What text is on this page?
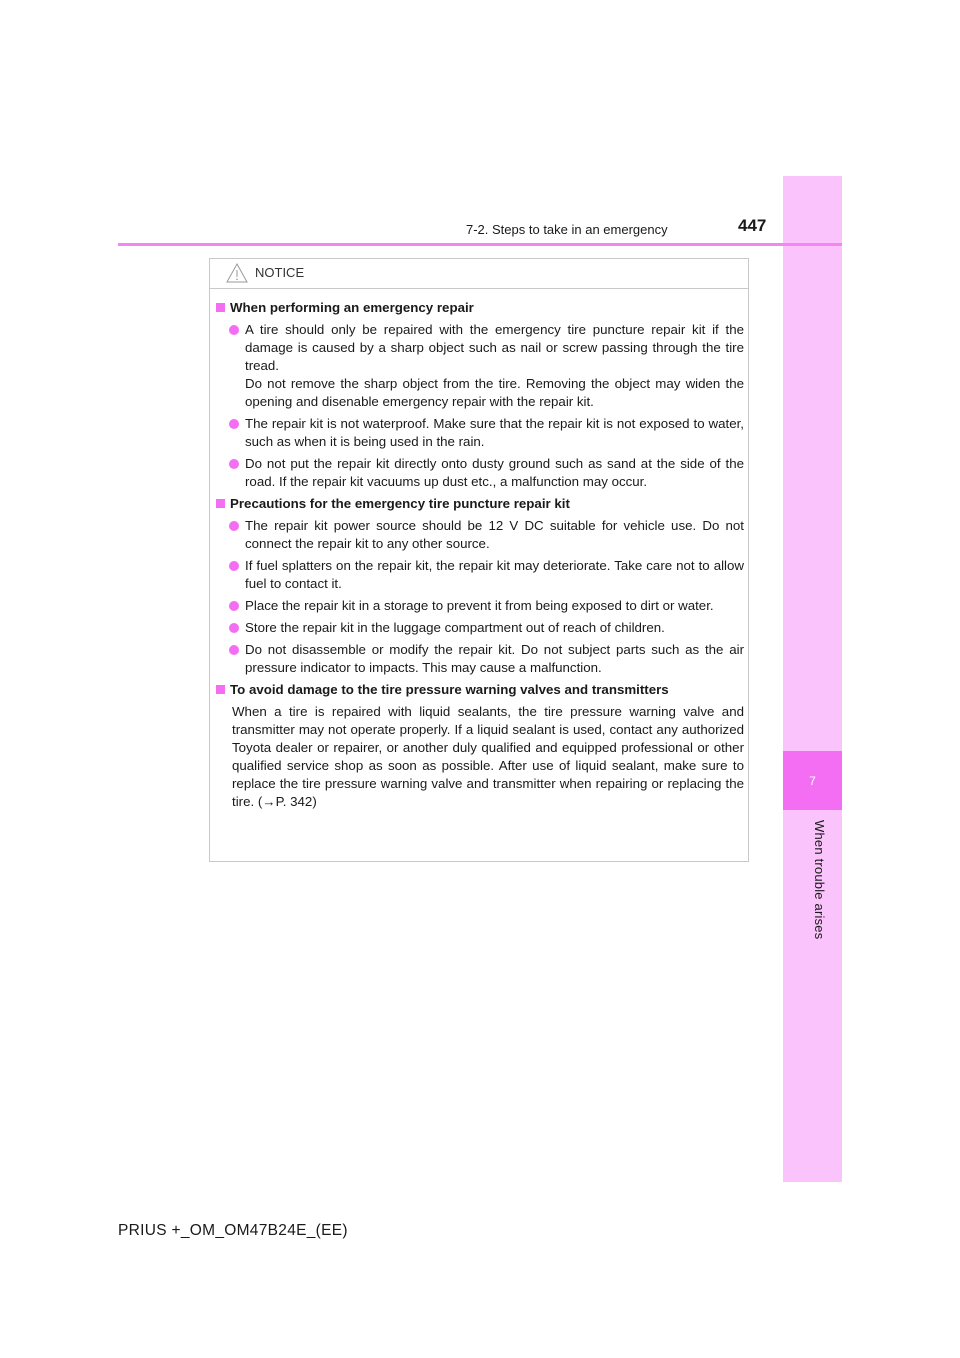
7
When trouble arises
7-2. Steps to take in an emergency	447
NOTICE
When performing an emergency repair
A tire should only be repaired with the emergency tire puncture repair kit if the damage is caused by a sharp object such as nail or screw passing through the tire tread.
Do not remove the sharp object from the tire. Removing the object may widen the opening and disenable emergency repair with the repair kit.
The repair kit is not waterproof. Make sure that the repair kit is not exposed to water, such as when it is being used in the rain.
Do not put the repair kit directly onto dusty ground such as sand at the side of the road. If the repair kit vacuums up dust etc., a malfunction may occur.
Precautions for the emergency tire puncture repair kit
The repair kit power source should be 12 V DC suitable for vehicle use. Do not connect the repair kit to any other source.
If fuel splatters on the repair kit, the repair kit may deteriorate. Take care not to allow fuel to contact it.
Place the repair kit in a storage to prevent it from being exposed to dirt or water.
Store the repair kit in the luggage compartment out of reach of children.
Do not disassemble or modify the repair kit. Do not subject parts such as the air pressure indicator to impacts. This may cause a malfunction.
To avoid damage to the tire pressure warning valves and transmitters
When a tire is repaired with liquid sealants, the tire pressure warning valve and transmitter may not operate properly. If a liquid sealant is used, contact any authorized Toyota dealer or repairer, or another duly qualified and equipped professional or other qualified service shop as soon as possible. After use of liquid sealant, make sure to replace the tire pressure warning valve and transmitter when repairing or replacing the tire. (→P. 342)
PRIUS +_OM_OM47B24E_(EE)
